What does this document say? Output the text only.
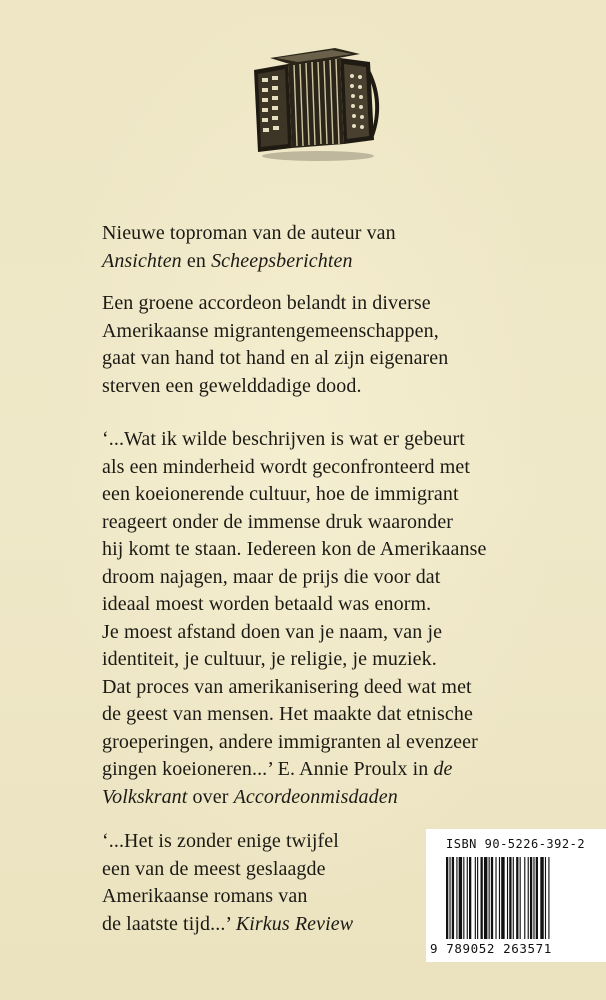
Nieuwe toproman van de auteur van

Ansichten en Scheepsberichten

Een groene accordeon belandt in diverse

Amerikaanse migrantengemeenschappen,

gaat van hand tot hand en al zijn eigenaren

sterven een gewelddadige dood.

‘...Wat ik wilde beschrijven is wat er gebeurt

als een minderheid wordt geconfronteerd met

een koeionerende cultuur, hoe de immigrant

reageert onder de immense druk waaronder

hij komt te staan. Iedereen kon de Amerikaanse

droom najagen, maar de prijs die voor dat

ideaal moest worden betaald was enorm.

Je moest afstand doen van je naam, van je

identiteit, je cultuur, je religie, je muziek.

Dat proces van amerikanisering deed wat met

de geest van mensen. Het maakte dat etnische

groeperingen, andere immigranten al evenzeer

gingen koeioneren...’ E. Annie Proulx in de

Volkskrant over Accordeonmisdaden

‘...Het is zonder enige twijfel

een van de meest geslaagde

Amerikaanse romans van

de laatste tijd...’ Kirkus Review

ISBN 90-5226-392-2
9 789052 263571
